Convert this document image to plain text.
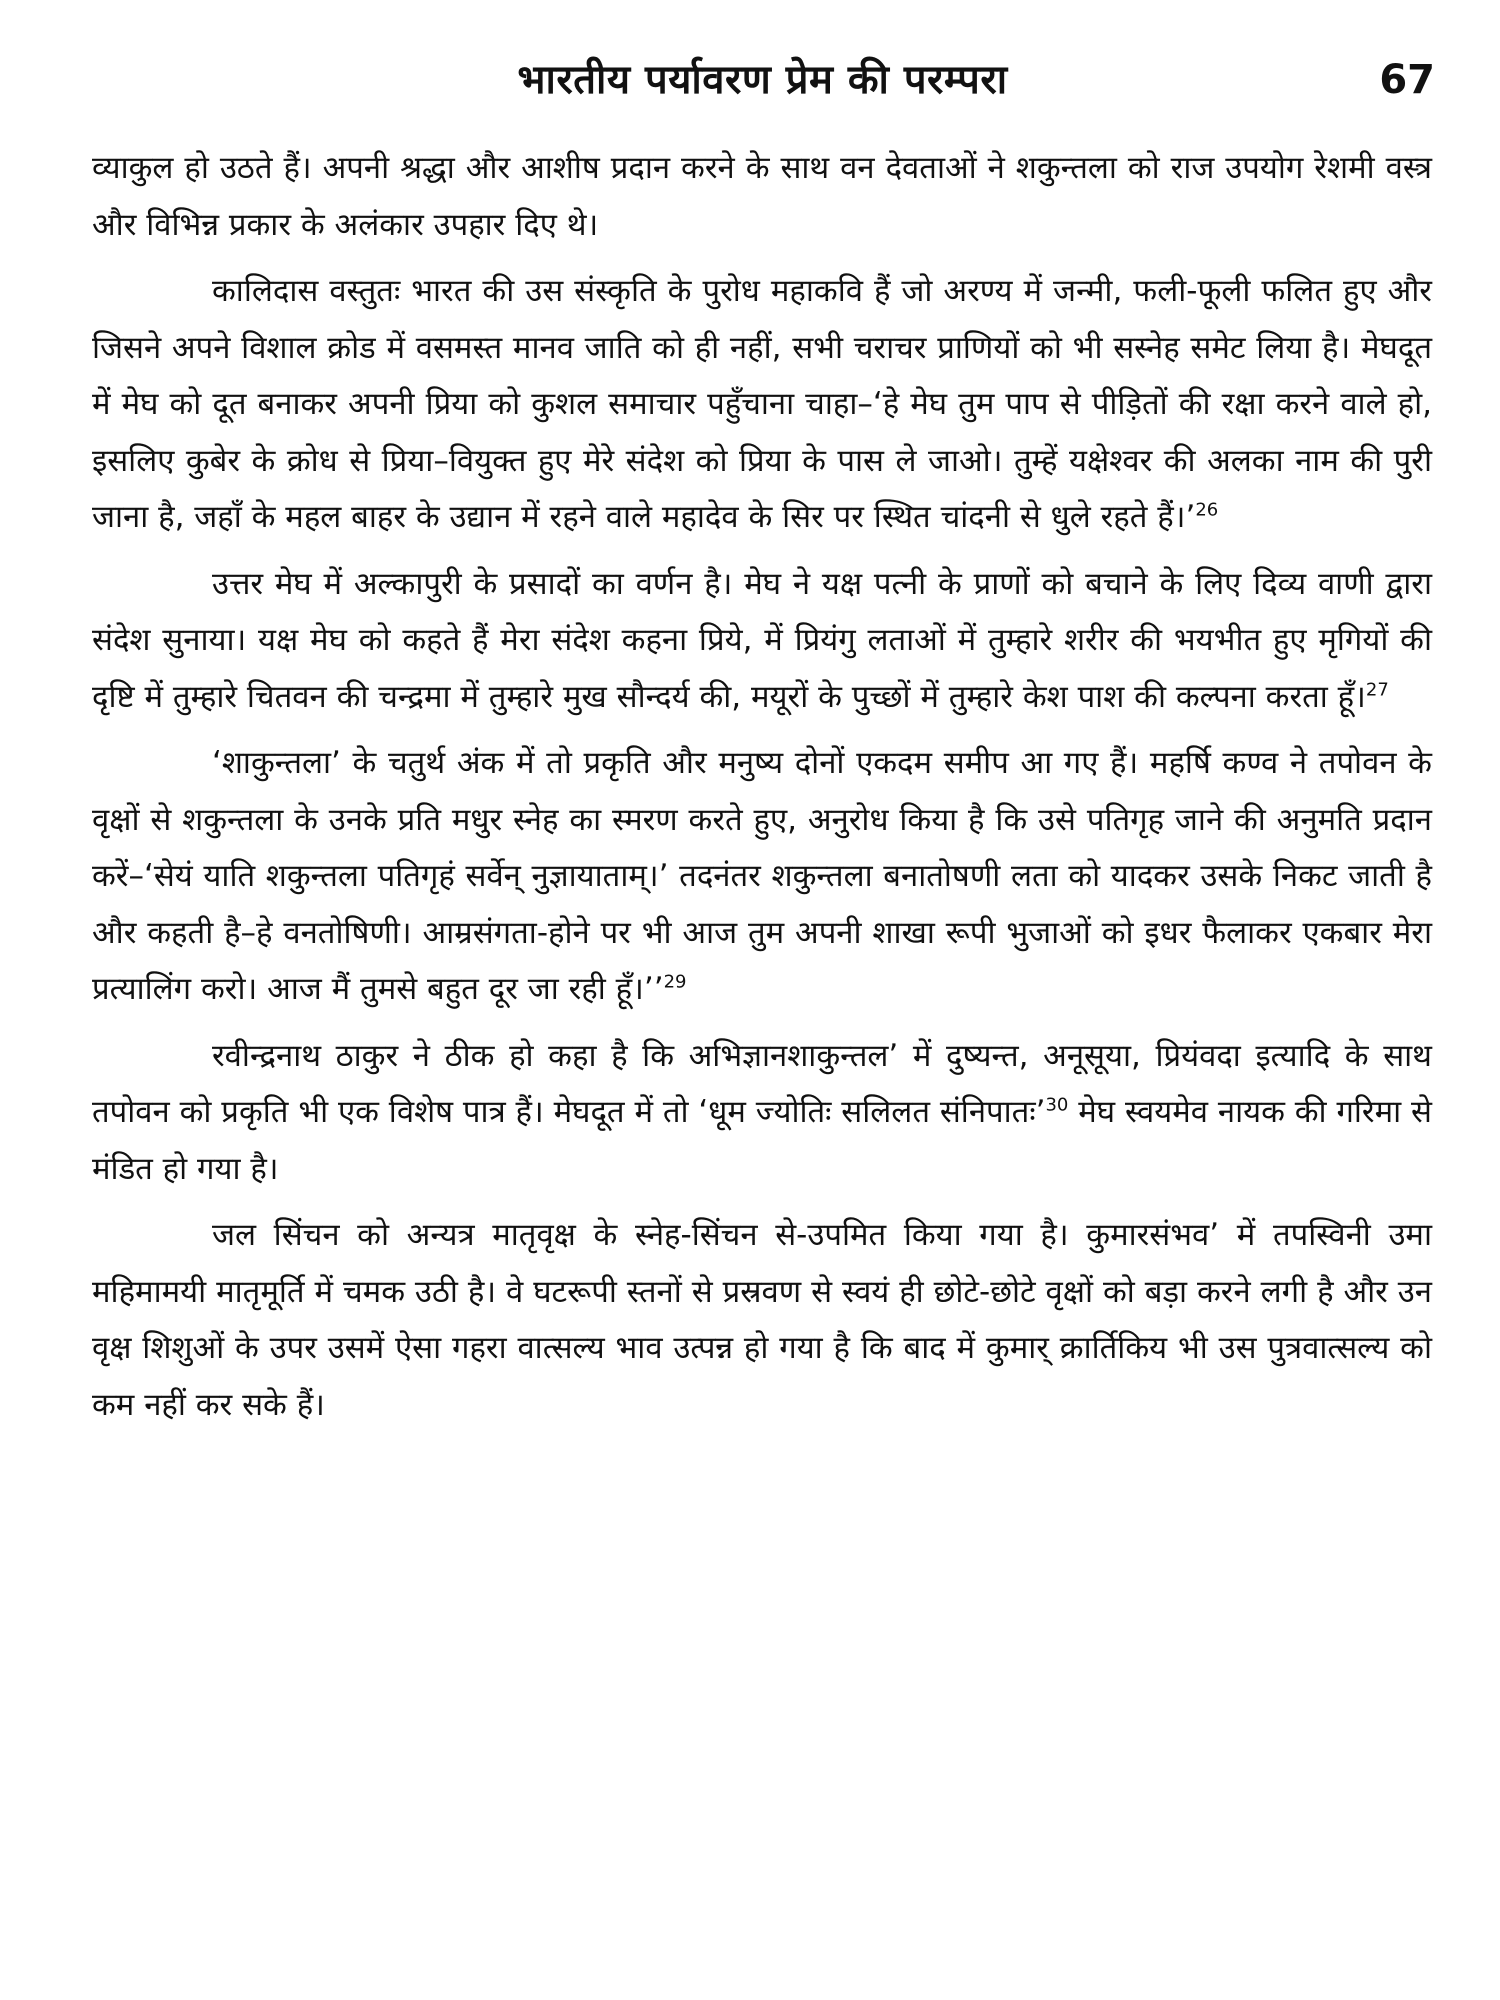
भारतीय पर्यावरण प्रेम की परम्परा	67

व्याकुल हो उठते हैं। अपनी श्रद्धा और आशीष प्रदान करने के साथ वन देवताओं ने शकुन्तला को राज उपयोग रेशमी वस्त्र और विभिन्न प्रकार के अलंकार उपहार दिए थे।

कालिदास वस्तुतः भारत की उस संस्कृति के पुरोध महाकवि हैं जो अरण्य में जन्मी, फली-फूली फलित हुए और जिसने अपने विशाल क्रोड में वसमस्त मानव जाति को ही नहीं, सभी चराचर प्राणियों को भी सस्नेह समेट लिया है। मेघदूत में मेघ को दूत बनाकर अपनी प्रिया को कुशल समाचार पहुँचाना चाहा–‘हे मेघ तुम पाप से पीड़ितों की रक्षा करने वाले हो, इसलिए कुबेर के क्रोध से प्रिया–वियुक्त हुए मेरे संदेश को प्रिया के पास ले जाओ। तुम्हें यक्षेश्वर की अलका नाम की पुरी जाना है, जहाँ के महल बाहर के उद्यान में रहने वाले महादेव के सिर पर स्थित चांदनी से धुले रहते हैं।’$^{26}$

उत्तर मेघ में अल्कापुरी के प्रसादों का वर्णन है। मेघ ने यक्ष पत्नी के प्राणों को बचाने के लिए दिव्य वाणी द्वारा संदेश सुनाया। यक्ष मेघ को कहते हैं मेरा संदेश कहना प्रिये, में प्रियंगु लताओं में तुम्हारे शरीर की भयभीत हुए मृगियों की दृष्टि में तुम्हारे चितवन की चन्द्रमा में तुम्हारे मुख सौन्दर्य की, मयूरों के पुच्छों में तुम्हारे केश पाश की कल्पना करता हूँ।$^{27}$

‘शाकुन्तला’ के चतुर्थ अंक में तो प्रकृति और मनुष्य दोनों एकदम समीप आ गए हैं। महर्षि कण्व ने तपोवन के वृक्षों से शकुन्तला के उनके प्रति मधुर स्नेह का स्मरण करते हुए, अनुरोध किया है कि उसे पतिगृह जाने की अनुमति प्रदान करें–‘सेयं याति शकुन्तला पतिगृहं सर्वेन् नुज्ञायाताम्।’ तदनंतर शकुन्तला बनातोषणी लता को यादकर उसके निकट जाती है और कहती है–हे वनतोषिणी। आम्रसंगता-होने पर भी आज तुम अपनी शाखा रूपी भुजाओं को इधर फैलाकर एकबार मेरा प्रत्यालिंग करो। आज मैं तुमसे बहुत दूर जा रही हूँ।’’$^{29}$

रवीन्द्रनाथ ठाकुर ने ठीक हो कहा है कि अभिज्ञानशाकुन्तल’ में दुष्यन्त, अनूसूया, प्रियंवदा इत्यादि के साथ तपोवन को प्रकृति भी एक विशेष पात्र हैं। मेघदूत में तो ‘धूम ज्योतिः सलिलत संनिपातः’$^{30}$ मेघ स्वयमेव नायक की गरिमा से मंडित हो गया है।

जल सिंचन को अन्यत्र मातृवृक्ष के स्नेह-सिंचन से-उपमित किया गया है। कुमारसंभव’ में तपस्विनी उमा महिमामयी मातृमूर्ति में चमक उठी है। वे घटरूपी स्तनों से प्रस्रवण से स्वयं ही छोटे-छोटे वृक्षों को बड़ा करने लगी है और उन वृक्ष शिशुओं के उपर उसमें ऐसा गहरा वात्सल्य भाव उत्पन्न हो गया है कि बाद में कुमार् क्रार्तिकिय भी उस पुत्रवात्सल्य को कम नहीं कर सके हैं।
